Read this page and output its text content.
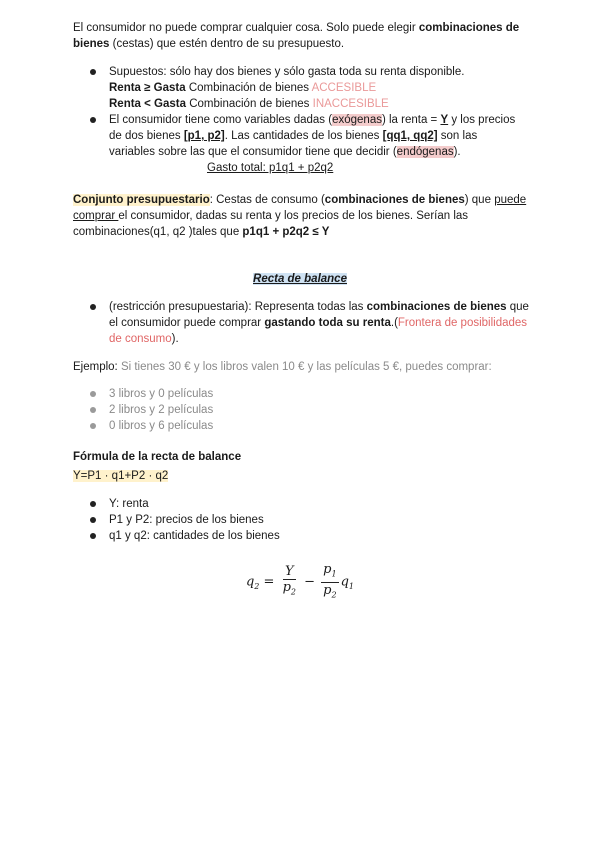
El consumidor no puede comprar cualquier cosa. Solo puede elegir combinaciones de bienes (cestas) que estén dentro de su presupuesto.
Supuestos: sólo hay dos bienes y sólo gasta toda su renta disponible.
Renta ≥ Gasta Combinación de bienes ACCESIBLE
Renta < Gasta Combinación de bienes INACCESIBLE
El consumidor tiene como variables dadas (exógenas) la renta = Y y los precios de dos bienes [p1, p2]. Las cantidades de los bienes [qq1, qq2] son las variables sobre las que el consumidor tiene que decidir (endógenas).
Gasto total: p1q1 + p2q2
Conjunto presupuestario: Cestas de consumo (combinaciones de bienes) que puede comprar el consumidor, dadas su renta y los precios de los bienes. Serían las combinaciones(q1, q2 )tales que p1q1 + p2q2 ≤ Y
Recta de balance
(restricción presupuestaria): Representa todas las combinaciones de bienes que el consumidor puede comprar gastando toda su renta.(Frontera de posibilidades de consumo).
Ejemplo: Si tienes 30 € y los libros valen 10 € y las películas 5 €, puedes comprar:
3 libros y 0 películas
2 libros y 2 películas
0 libros y 6 películas
Fórmula de la recta de balance
Y=P1 · q1+P2 · q2
Y: renta
P1 y P2: precios de los bienes
q1 y q2: cantidades de los bienes
$q_2 = \frac{Y}{p_2} - \frac{p_1}{p_2} q_1$
